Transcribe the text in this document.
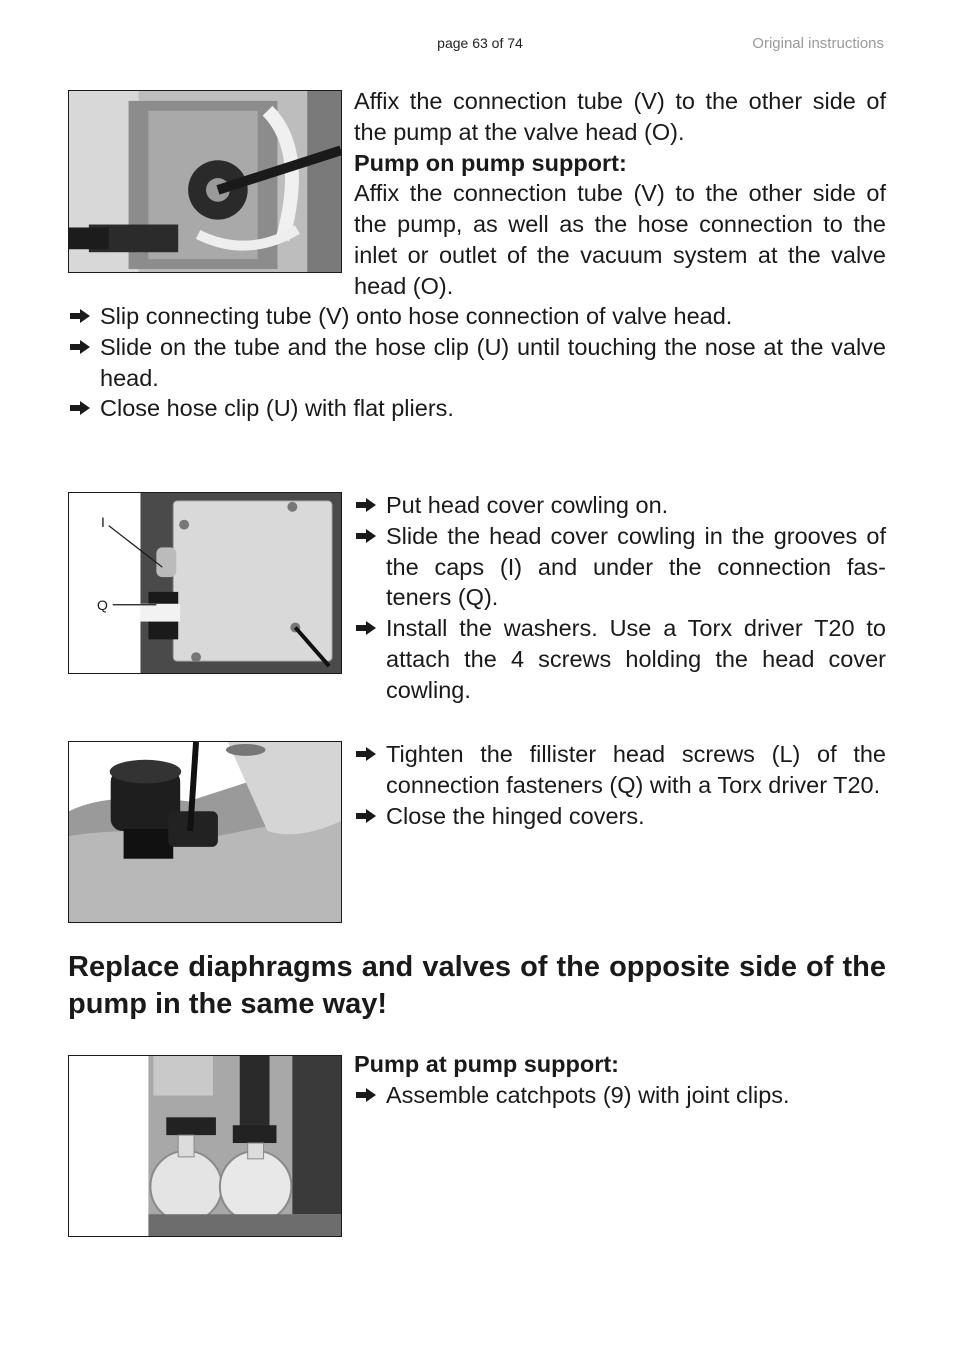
page 63 of 74	Original instructions

Affix the connection tube (V) to the other side of the pump at the valve head (O).

Pump on pump support:

Affix the connection tube (V) to the other side of the pump, as well as the hose connection to the inlet or outlet of the vacuum system at the valve head (O).

Slip connecting tube (V) onto hose connection of valve head.
Slide on the tube and the hose clip (U) until touching the nose at the valve head.
Close hose clip (U) with flat pliers.
I
Q
Put head cover cowling on.
Slide the head cover cowling in the grooves of the caps (I) and under the connection fas-teners (Q).
Install the washers. Use a Torx driver T20 to attach the 4 screws holding the head cover cowling.
Tighten the fillister head screws (L) of the connection fasteners (Q) with a Torx driver T20.
Close the hinged covers.
Replace diaphragms and valves of the opposite side of the pump in the same way!

Pump at pump support:

Assemble catchpots (9) with joint clips.
